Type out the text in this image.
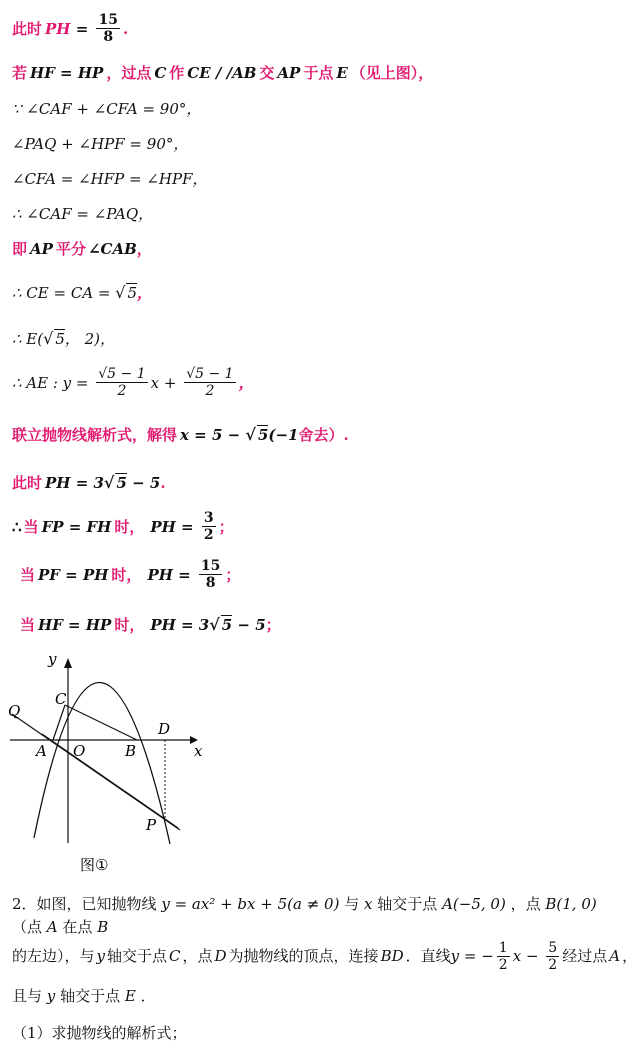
此时 PH = $\frac{15}{8}$ .
若 HF = HP ，过点 C 作 CE / /AB 交 AP 于点 E （见上图），
∵ ∠CAF + ∠CFA = 90°，
∠PAQ + ∠HPF = 90°，
∠CFA = ∠HFP = ∠HPF，
∴ ∠CAF = ∠PAQ，
即 AP 平分 ∠CAB ，
∴ CE = CA = √ 5 ，
∴ E( √ 5 ， 2)，
∴ AE : $y = \frac{√5 - 1}{2}$ $x + \frac{√5 - 1}{2}$ ，
联立抛物线解析式，解得 x = 5 − √ 5 (−1 舍去）.
此时 PH = 3 √ 5 − 5 .
∴ 当 FP = FH 时， PH = $\frac{3}{2}$ ；
当 PF = PH 时， PH = $\frac{15}{8}$ ；
当 HF = HP 时， PH = 3 √ 5 − 5 ；
y
x
Q
C
A O	B
D
P
图①
2．如图，已知抛物线 y = ax² + bx + 5(a ≠ 0) 与 x 轴交于点 A(−5, 0) ，点 B(1, 0) （点 A 在点 B
的左边），与 y 轴交于点 C ，点 D 为抛物线的顶点，连接 BD ．直线 y = − $\frac{1}{2}$ $x - \frac{5}{2}$ 经过点 A ，
且与 y 轴交于点 E ．
（1）求抛物线的解析式；
